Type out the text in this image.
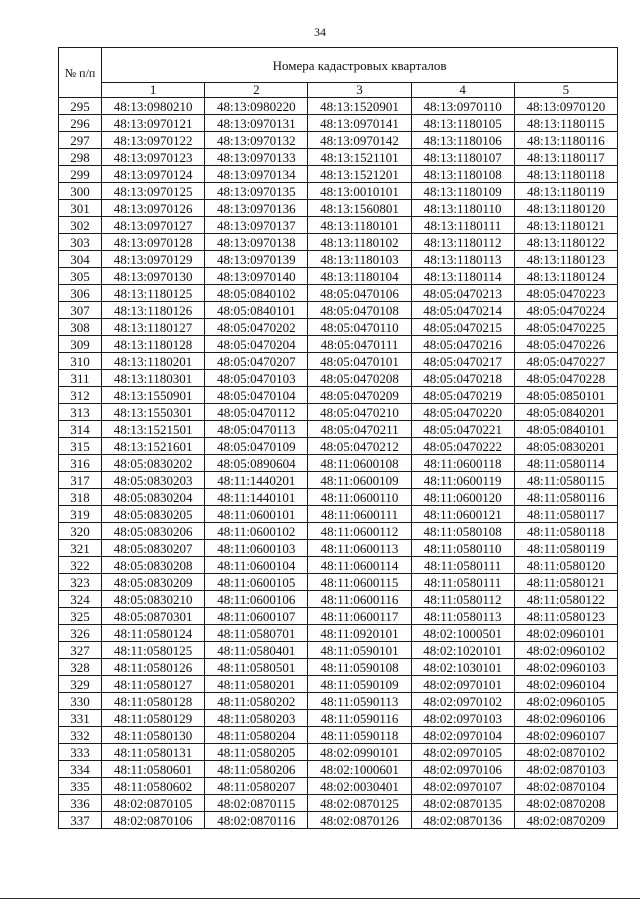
34
№ п/п	Номера кадастровых кварталов				
	1	2	3	4	5
295	48:13:0980210	48:13:0980220	48:13:1520901	48:13:0970110	48:13:0970120
296	48:13:0970121	48:13:0970131	48:13:0970141	48:13:1180105	48:13:1180115
297	48:13:0970122	48:13:0970132	48:13:0970142	48:13:1180106	48:13:1180116
298	48:13:0970123	48:13:0970133	48:13:1521101	48:13:1180107	48:13:1180117
299	48:13:0970124	48:13:0970134	48:13:1521201	48:13:1180108	48:13:1180118
300	48:13:0970125	48:13:0970135	48:13:0010101	48:13:1180109	48:13:1180119
301	48:13:0970126	48:13:0970136	48:13:1560801	48:13:1180110	48:13:1180120
302	48:13:0970127	48:13:0970137	48:13:1180101	48:13:1180111	48:13:1180121
303	48:13:0970128	48:13:0970138	48:13:1180102	48:13:1180112	48:13:1180122
304	48:13:0970129	48:13:0970139	48:13:1180103	48:13:1180113	48:13:1180123
305	48:13:0970130	48:13:0970140	48:13:1180104	48:13:1180114	48:13:1180124
306	48:13:1180125	48:05:0840102	48:05:0470106	48:05:0470213	48:05:0470223
307	48:13:1180126	48:05:0840101	48:05:0470108	48:05:0470214	48:05:0470224
308	48:13:1180127	48:05:0470202	48:05:0470110	48:05:0470215	48:05:0470225
309	48:13:1180128	48:05:0470204	48:05:0470111	48:05:0470216	48:05:0470226
310	48:13:1180201	48:05:0470207	48:05:0470101	48:05:0470217	48:05:0470227
311	48:13:1180301	48:05:0470103	48:05:0470208	48:05:0470218	48:05:0470228
312	48:13:1550901	48:05:0470104	48:05:0470209	48:05:0470219	48:05:0850101
313	48:13:1550301	48:05:0470112	48:05:0470210	48:05:0470220	48:05:0840201
314	48:13:1521501	48:05:0470113	48:05:0470211	48:05:0470221	48:05:0840101
315	48:13:1521601	48:05:0470109	48:05:0470212	48:05:0470222	48:05:0830201
316	48:05:0830202	48:05:0890604	48:11:0600108	48:11:0600118	48:11:0580114
317	48:05:0830203	48:11:1440201	48:11:0600109	48:11:0600119	48:11:0580115
318	48:05:0830204	48:11:1440101	48:11:0600110	48:11:0600120	48:11:0580116
319	48:05:0830205	48:11:0600101	48:11:0600111	48:11:0600121	48:11:0580117
320	48:05:0830206	48:11:0600102	48:11:0600112	48:11:0580108	48:11:0580118
321	48:05:0830207	48:11:0600103	48:11:0600113	48:11:0580110	48:11:0580119
322	48:05:0830208	48:11:0600104	48:11:0600114	48:11:0580111	48:11:0580120
323	48:05:0830209	48:11:0600105	48:11:0600115	48:11:0580111	48:11:0580121
324	48:05:0830210	48:11:0600106	48:11:0600116	48:11:0580112	48:11:0580122
325	48:05:0870301	48:11:0600107	48:11:0600117	48:11:0580113	48:11:0580123
326	48:11:0580124	48:11:0580701	48:11:0920101	48:02:1000501	48:02:0960101
327	48:11:0580125	48:11:0580401	48:11:0590101	48:02:1020101	48:02:0960102
328	48:11:0580126	48:11:0580501	48:11:0590108	48:02:1030101	48:02:0960103
329	48:11:0580127	48:11:0580201	48:11:0590109	48:02:0970101	48:02:0960104
330	48:11:0580128	48:11:0580202	48:11:0590113	48:02:0970102	48:02:0960105
331	48:11:0580129	48:11:0580203	48:11:0590116	48:02:0970103	48:02:0960106
332	48:11:0580130	48:11:0580204	48:11:0590118	48:02:0970104	48:02:0960107
333	48:11:0580131	48:11:0580205	48:02:0990101	48:02:0970105	48:02:0870102
334	48:11:0580601	48:11:0580206	48:02:1000601	48:02:0970106	48:02:0870103
335	48:11:0580602	48:11:0580207	48:02:0030401	48:02:0970107	48:02:0870104
336	48:02:0870105	48:02:0870115	48:02:0870125	48:02:0870135	48:02:0870208
337	48:02:0870106	48:02:0870116	48:02:0870126	48:02:0870136	48:02:0870209
